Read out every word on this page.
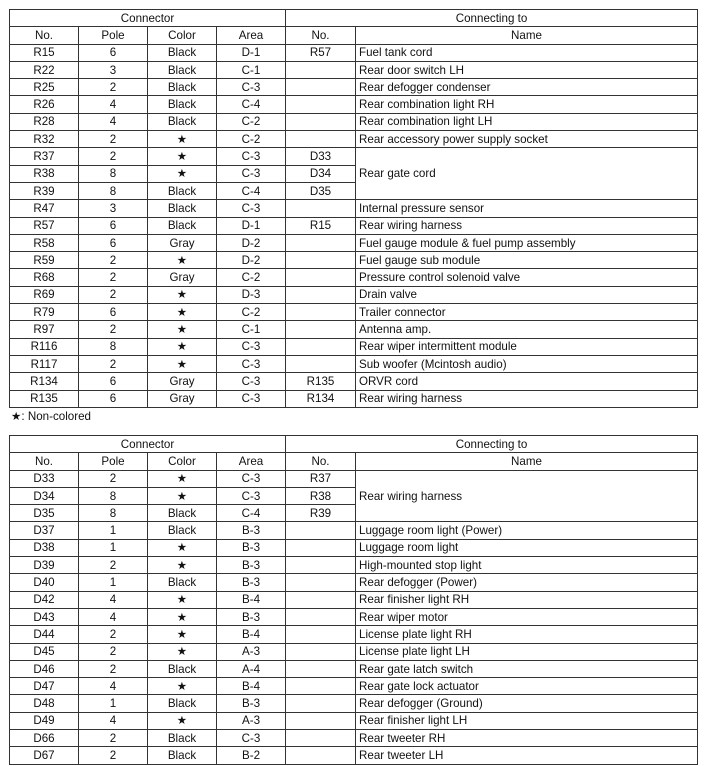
Connector				Connecting to	
No.	Pole	Color	Area	No.	Name
R15	6	Black	D-1	R57	Fuel tank cord
R22	3	Black	C-1		Rear door switch LH
R25	2	Black	C-3		Rear defogger condenser
R26	4	Black	C-4		Rear combination light RH
R28	4	Black	C-2		Rear combination light LH
R32	2	★	C-2		Rear accessory power supply socket
R37	2	★	C-3	D33	Rear gate cord
R38	8	★	C-3	D34	
R39	8	Black	C-4	D35	
R47	3	Black	C-3		Internal pressure sensor
R57	6	Black	D-1	R15	Rear wiring harness
R58	6	Gray	D-2		Fuel gauge module & fuel pump assembly
R59	2	★	D-2		Fuel gauge sub module
R68	2	Gray	C-2		Pressure control solenoid valve
R69	2	★	D-3		Drain valve
R79	6	★	C-2		Trailer connector
R97	2	★	C-1		Antenna amp.
R116	8	★	C-3		Rear wiper intermittent module
R117	2	★	C-3		Sub woofer (Mcintosh audio)
R134	6	Gray	C-3	R135	ORVR cord
R135	6	Gray	C-3	R134	Rear wiring harness
★: Non-colored
Connector				Connecting to	
No.	Pole	Color	Area	No.	Name
D33	2	★	C-3	R37	Rear wiring harness
D34	8	★	C-3	R38	
D35	8	Black	C-4	R39	
D37	1	Black	B-3		Luggage room light (Power)
D38	1	★	B-3		Luggage room light
D39	2	★	B-3		High-mounted stop light
D40	1	Black	B-3		Rear defogger (Power)
D42	4	★	B-4		Rear finisher light RH
D43	4	★	B-3		Rear wiper motor
D44	2	★	B-4		License plate light RH
D45	2	★	A-3		License plate light LH
D46	2	Black	A-4		Rear gate latch switch
D47	4	★	B-4		Rear gate lock actuator
D48	1	Black	B-3		Rear defogger (Ground)
D49	4	★	A-3		Rear finisher light LH
D66	2	Black	C-3		Rear tweeter RH
D67	2	Black	B-2		Rear tweeter LH
